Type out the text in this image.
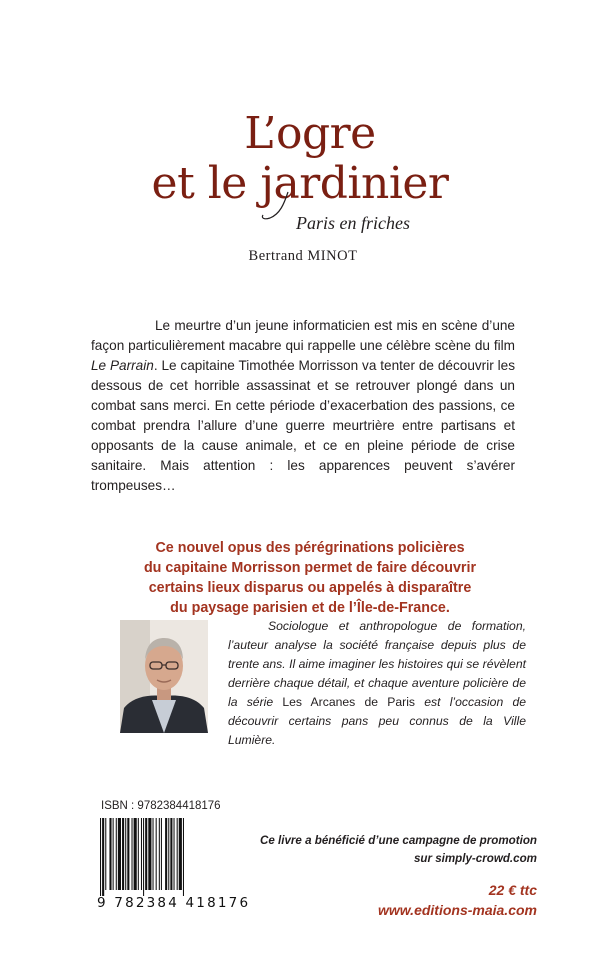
L’ogre
et le jardinier
Paris en friches
Bertrand MINOT

Le meurtre d’un jeune informaticien est mis en scène d’une façon particulièrement macabre qui rappelle une célèbre scène du film Le Parrain. Le capitaine Timothée Morrisson va tenter de découvrir les dessous de cet horrible assassinat et se retrouver plongé dans un combat sans merci. En cette période d’exacerbation des passions, ce combat prendra l’allure d’une guerre meurtrière entre partisans et opposants de la cause animale, et ce en pleine période de crise sanitaire. Mais attention : les apparences peuvent s’avérer trompeuses…

Ce nouvel opus des pérégrinations policières
du capitaine Morrisson permet de faire découvrir
certains lieux disparus ou appelés à disparaître
du paysage parisien et de l’Île-de-France.

Sociologue et anthropologue de formation, l’auteur analyse la société française depuis plus de trente ans. Il aime imaginer les histoires qui se révèlent derrière chaque détail, et chaque aventure policière de la série Les Arcanes de Paris est l’occasion de découvrir certains pans peu connus de la Ville Lumière.

ISBN : 9782384418176
9 782384 418176
Ce livre a bénéficié d’une campagne de promotion
sur simply-crowd.com
22 € ttc
www.editions-maia.com
